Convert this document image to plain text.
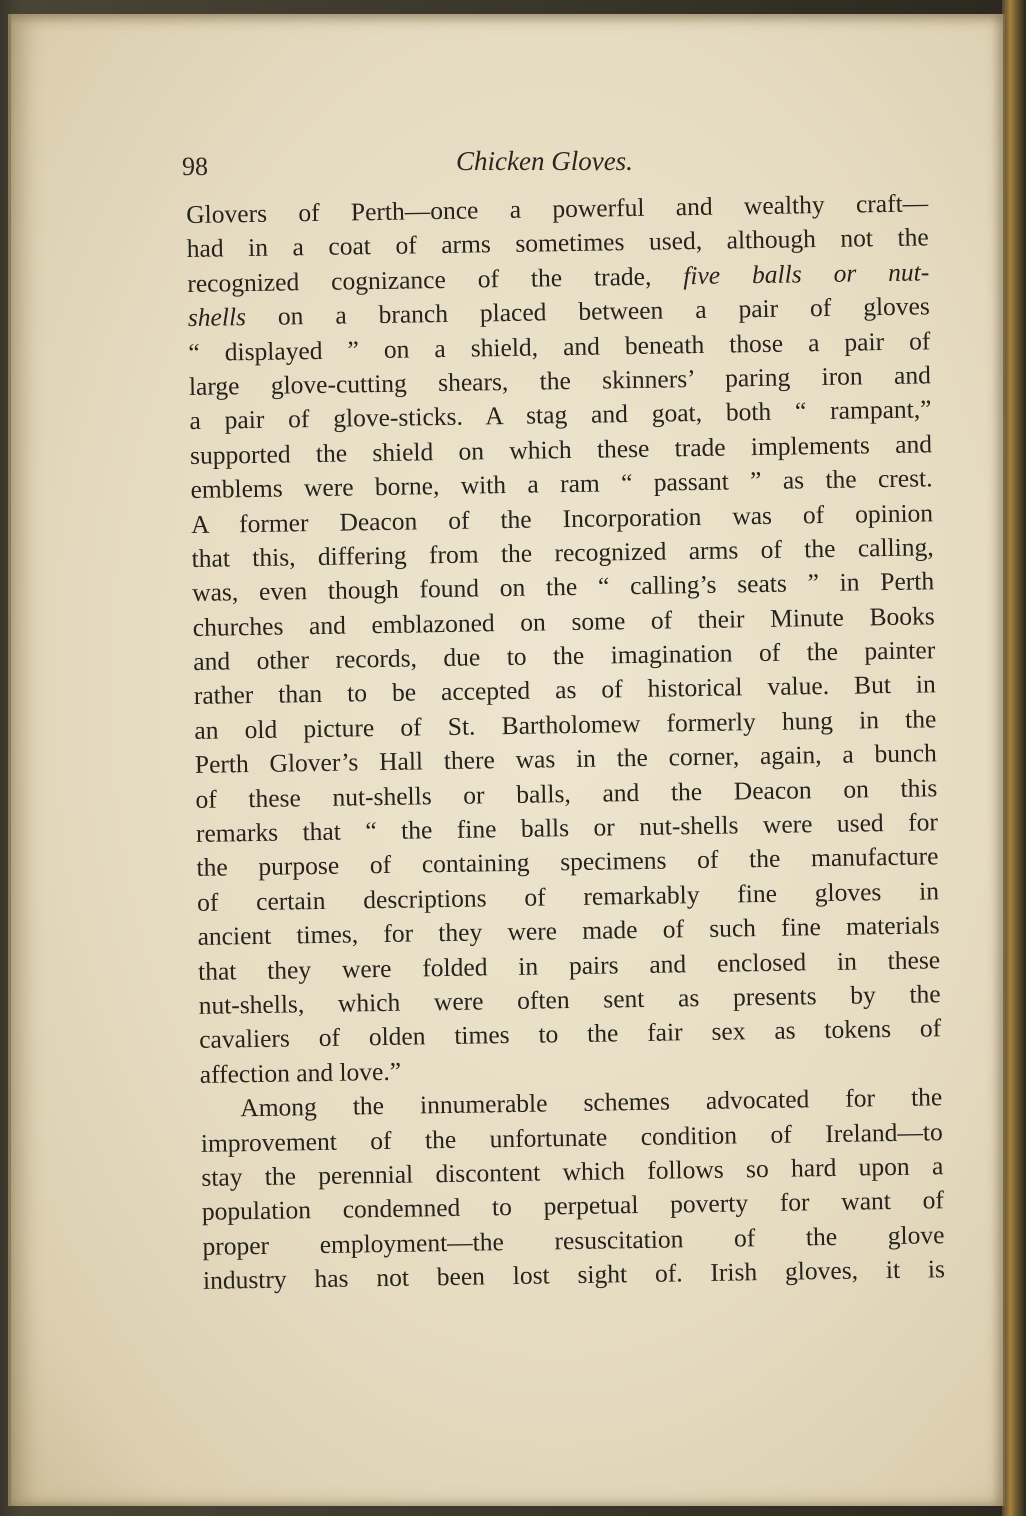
98	Chicken Gloves.
Glovers of Perth—once a powerful and wealthy craft—
had in a coat of arms sometimes used, although not the
recognized cognizance of the trade, five balls or nut-
shells on a branch placed between a pair of gloves
“ displayed ” on a shield, and beneath those a pair of
large glove-cutting shears, the skinners’ paring iron and
a pair of glove-sticks. A stag and goat, both “ rampant,”
supported the shield on which these trade implements and
emblems were borne, with a ram “ passant ” as the crest.
A former Deacon of the Incorporation was of opinion
that this, differing from the recognized arms of the calling,
was, even though found on the “ calling’s seats ” in Perth
churches and emblazoned on some of their Minute Books
and other records, due to the imagination of the painter
rather than to be accepted as of historical value. But in
an old picture of St. Bartholomew formerly hung in the
Perth Glover’s Hall there was in the corner, again, a bunch
of these nut-shells or balls, and the Deacon on this
remarks that “ the fine balls or nut-shells were used for
the purpose of containing specimens of the manufacture
of certain descriptions of remarkably fine gloves in
ancient times, for they were made of such fine materials
that they were folded in pairs and enclosed in these
nut-shells, which were often sent as presents by the
cavaliers of olden times to the fair sex as tokens of
affection and love.”
Among the innumerable schemes advocated for the
improvement of the unfortunate condition of Ireland—to
stay the perennial discontent which follows so hard upon a
population condemned to perpetual poverty for want of
proper employment—the resuscitation of the glove
industry has not been lost sight of. Irish gloves, it is
